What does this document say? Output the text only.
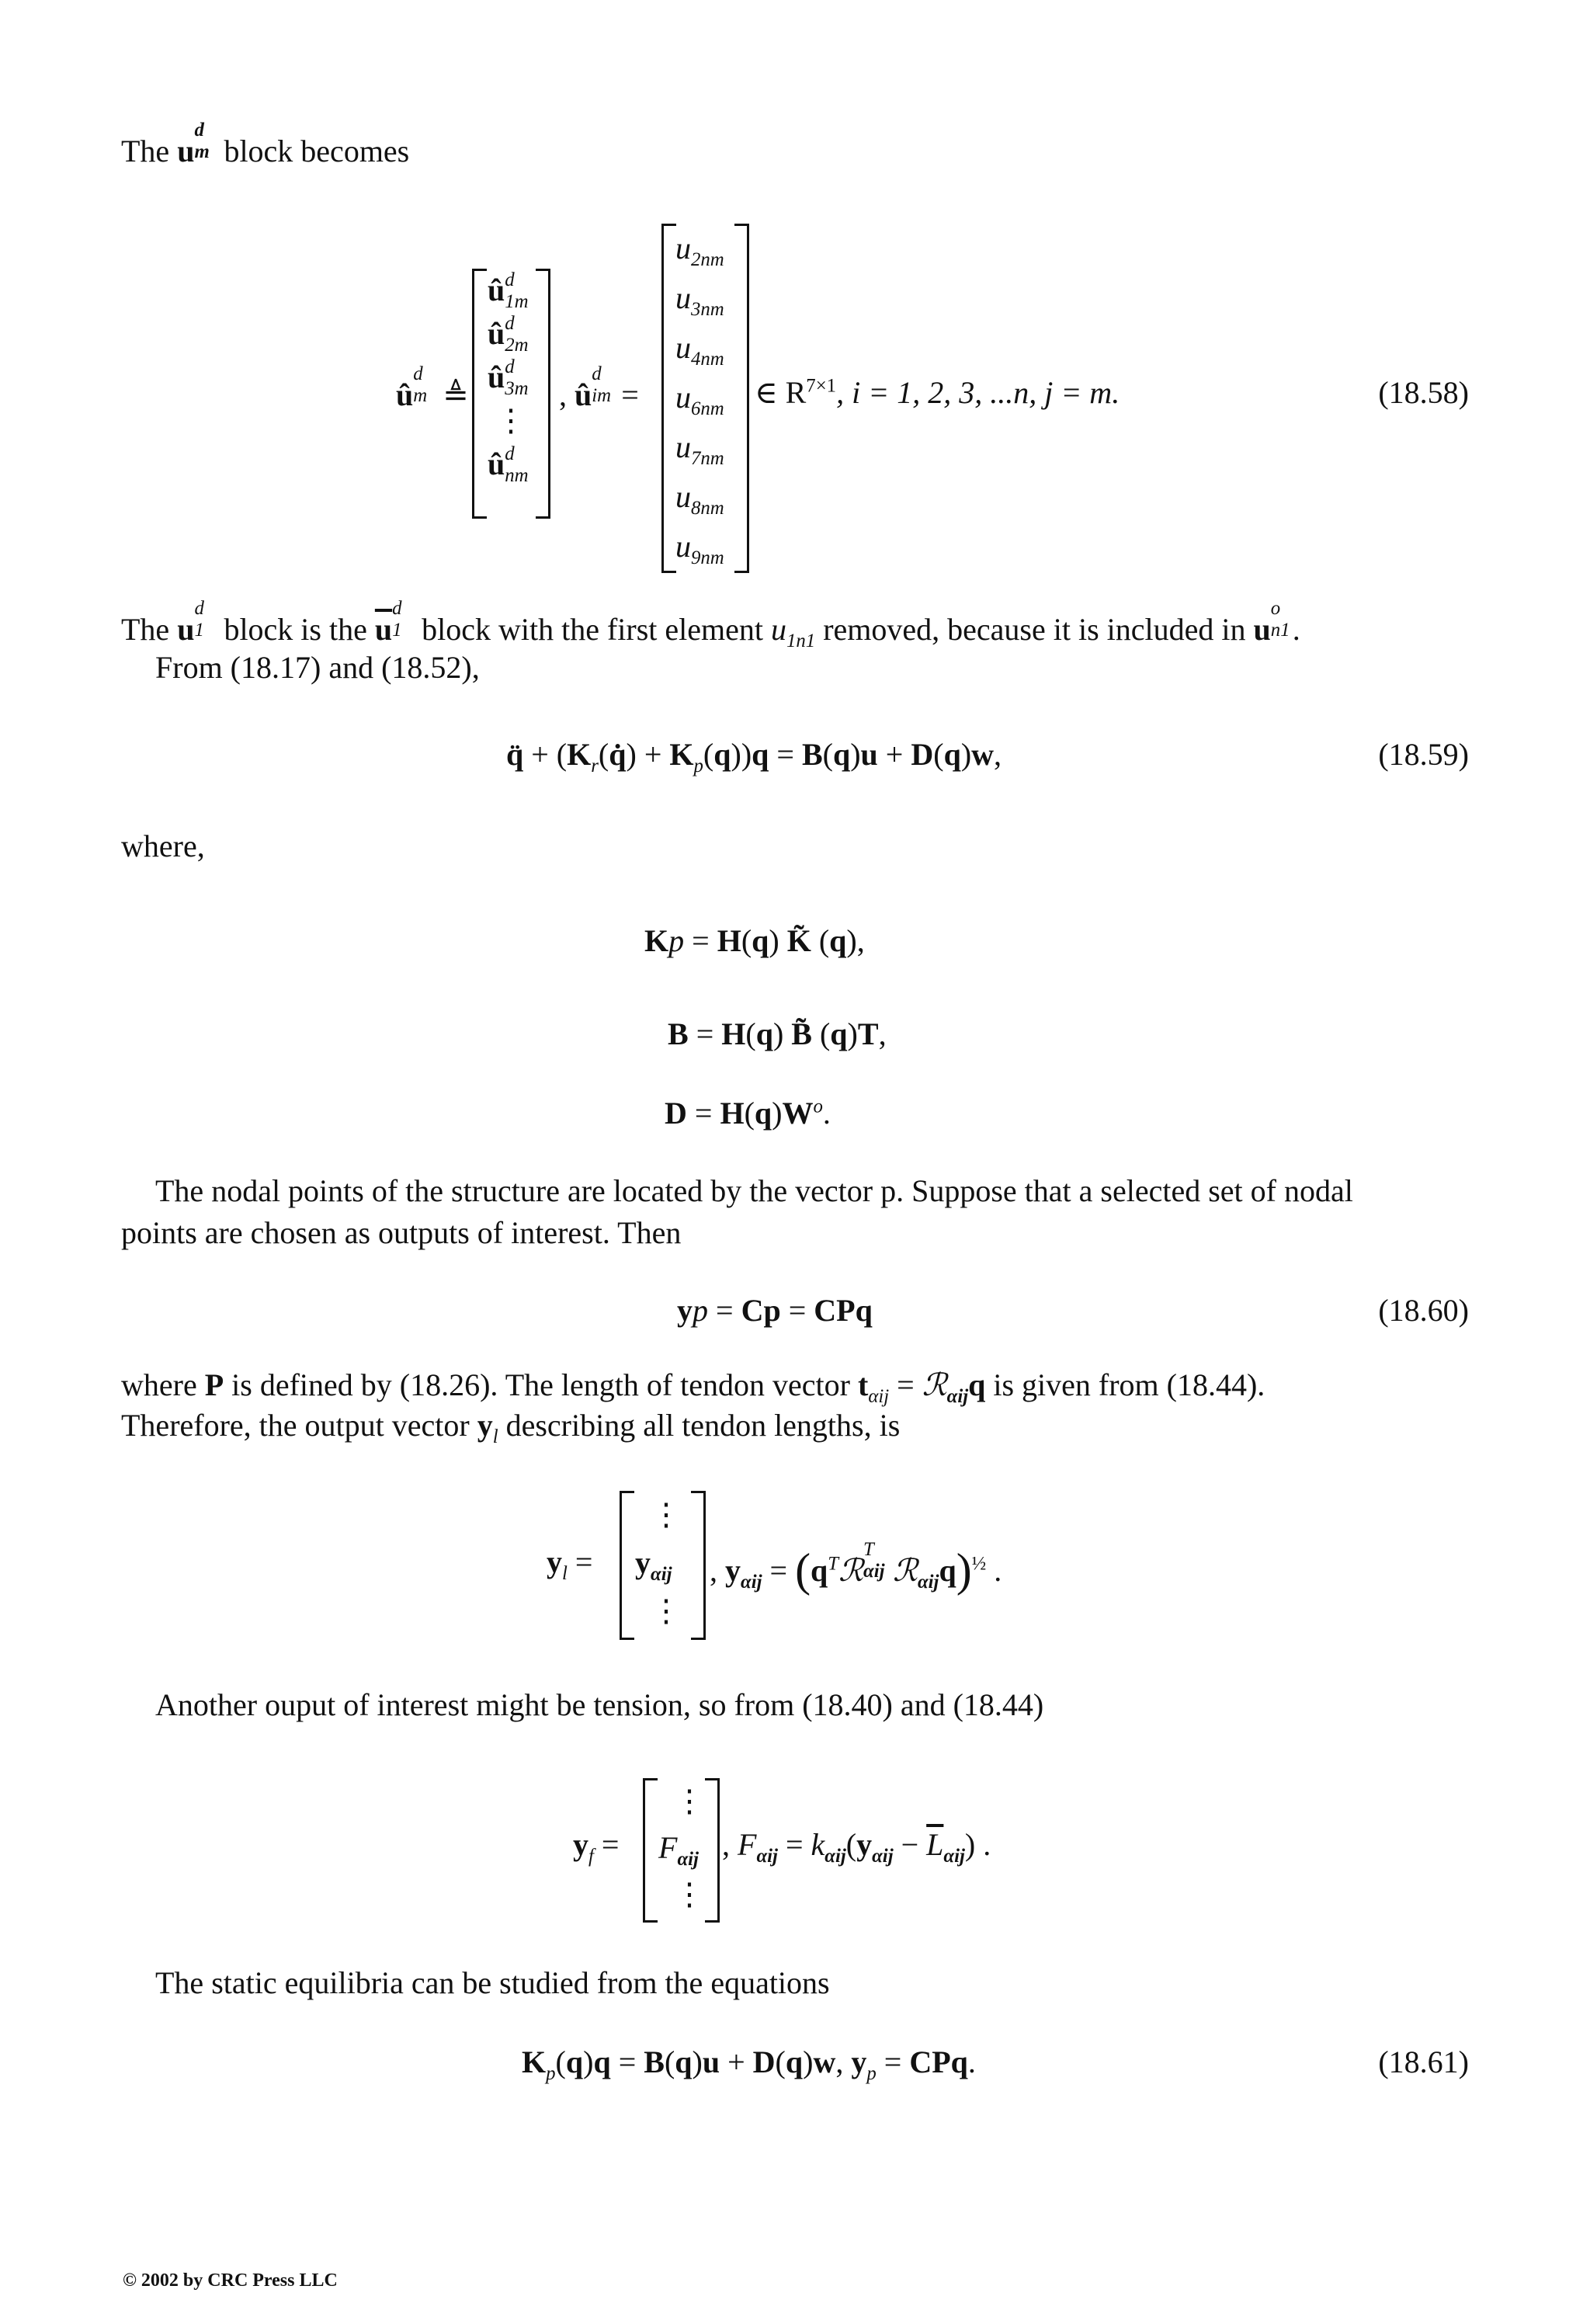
The u
d
m block becomes
û
d
m ≜
û d
1m
û d
2m
û d
3m
⋮
û d
nm
, û
d
im =
$u_{2nm}$
$u_{3nm}$
$u_{4nm}$
$u_{6nm}$
$u_{7nm}$
$u_{8nm}$
$u_{9nm}$
∈ $R^{7\times 1}$, i = 1, 2, 3, ...n, j = m.	(18.58)
The u
d
1 block is the $\overline{u}$
d
1 block with the first element $u_{1n1}$ removed, because it is included in u
o
n1 .
From (18.17) and (18.52),
q̈ + $(K_r(q̇) + K_p(q))q = B(q)u + D(q)w$,	(18.59)
where,
Kp = H(q) K̃ (q),
B = H(q) B̃ (q)T,
$D = H(q)W^o$.
The nodal points of the structure are located by the vector p. Suppose that a selected set of nodal
points are chosen as outputs of interest. Then
yp = Cp = CPq	(18.60)
where P is defined by (18.26). The length of tendon vector $t_{\alpha ij}$ = ℛ$_{\alpha ij}$q is given from (18.44).
Therefore, the output vector $y_l$ describing all tendon lengths, is
$y_l$ =
⋮
$y_{\alpha ij}$
⋮
, $y_{\alpha ij}$ = ($q^Tℛ$
T
αij ℛ$_{\alpha ij}$q)$^{\frac{1}{2}}$ .
Another ouput of interest might be tension, so from (18.40) and (18.44)
$y_f$ =
⋮
$F_{\alpha ij}$
⋮
, $F_{\alpha ij} = k_{\alpha ij}(y_{\alpha ij} - \overline{L}_{\alpha ij})$ .
The static equilibria can be studied from the equations
$K_p(q)q = B(q)u + D(q)w$, $y_p$ = CPq.	(18.61)
© 2002 by CRC Press LLC
